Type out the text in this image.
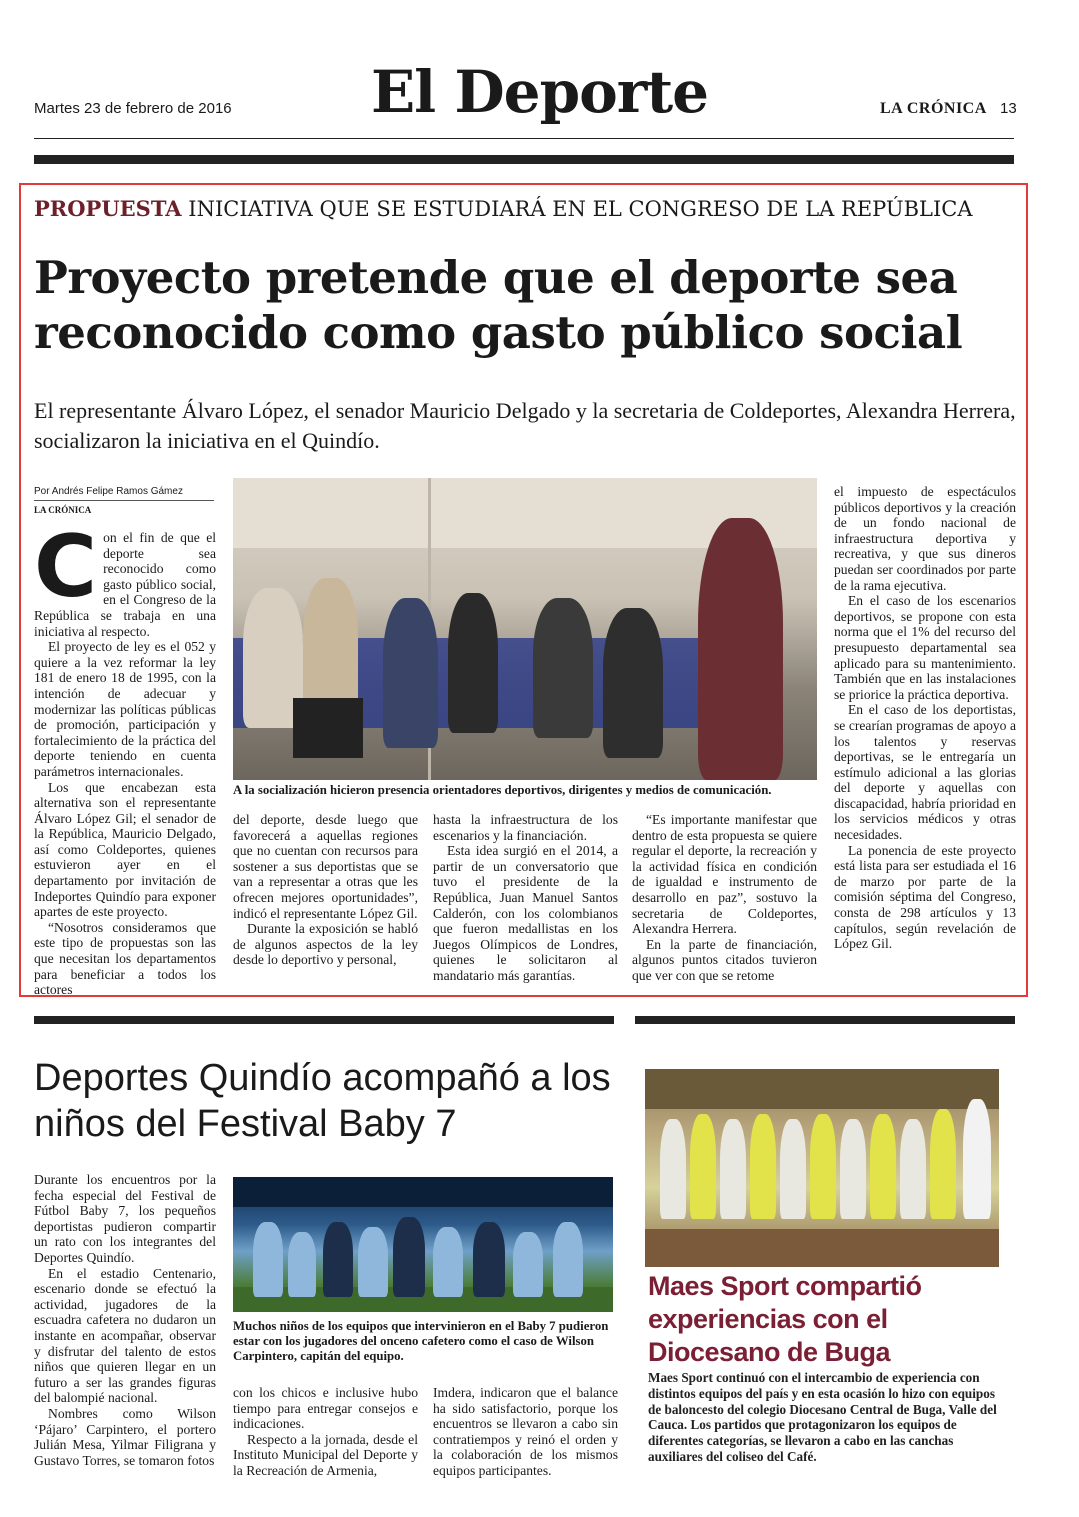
Martes 23 de febrero de 2016	El Deporte	LA CRÓNICA 13
PROPUESTA INICIATIVA QUE SE ESTUDIARÁ EN EL CONGRESO DE LA REPÚBLICA
Proyecto pretende que el deporte sea reconocido como gasto público social
El representante Álvaro López, el senador Mauricio Delgado y la secretaria de Coldeportes, Alexandra Herrera, socializaron la iniciativa en el Quindío.
Por Andrés Felipe Ramos Gámez
LA CRÓNICA

Con el fin de que el deporte sea reconocido como gasto público social, en el Congreso de la República se trabaja en una iniciativa al respecto.

El proyecto de ley es el 052 y quiere a la vez reformar la ley 181 de enero 18 de 1995, con la intención de adecuar y modernizar las políticas públicas de promoción, participación y fortalecimiento de la práctica del deporte teniendo en cuenta parámetros internacionales.

Los que encabezan esta alternativa son el representante Álvaro López Gil; el senador de la República, Mauricio Delgado, así como Coldeportes, quienes estuvieron ayer en el departamento por invitación de Indeportes Quindío para exponer apartes de este proyecto.

“Nosotros consideramos que este tipo de propuestas son las que necesitan los departamentos para beneficiar a todos los actores

A la socialización hicieron presencia orientadores deportivos, dirigentes y medios de comunicación.

del deporte, desde luego que favorecerá a aquellas regiones que no cuentan con recursos para sostener a sus deportistas que se van a representar a otras que les ofrecen mejores oportunidades”, indicó el representante López Gil.

Durante la exposición se habló de algunos aspectos de la ley desde lo deportivo y personal,

hasta la infraestructura de los escenarios y la financiación.

Esta idea surgió en el 2014, a partir de un conversatorio que tuvo el presidente de la República, Juan Manuel Santos Calderón, con los colombianos que fueron medallistas en los Juegos Olímpicos de Londres, quienes le solicitaron al mandatario más garantías.

“Es importante manifestar que dentro de esta propuesta se quiere regular el deporte, la recreación y la actividad física en condición de igualdad e instrumento de desarrollo en paz”, sostuvo la secretaria de Coldeportes, Alexandra Herrera.

En la parte de financiación, algunos puntos citados tuvieron que ver con que se retome

el impuesto de espectáculos públicos deportivos y la creación de un fondo nacional de infraestructura deportiva y recreativa, y que sus dineros puedan ser coordinados por parte de la rama ejecutiva.

En el caso de los escenarios deportivos, se propone con esta norma que el 1% del recurso del presupuesto departamental sea aplicado para su mantenimiento. También que en las instalaciones se priorice la práctica deportiva.

En el caso de los deportistas, se crearían programas de apoyo a los talentos y reservas deportivas, se le entregaría un estímulo adicional a las glorias del deporte y aquellas con discapacidad, habría prioridad en los servicios médicos y otras necesidades.

La ponencia de este proyecto está lista para ser estudiada el 16 de marzo por parte de la comisión séptima del Congreso, consta de 298 artículos y 13 capítulos, según revelación de López Gil.

Deportes Quindío acompañó a los niños del Festival Baby 7

Durante los encuentros por la fecha especial del Festival de Fútbol Baby 7, los pequeños deportistas pudieron compartir un rato con los integrantes del Deportes Quindío.

En el estadio Centenario, escenario donde se efectuó la actividad, jugadores de la escuadra cafetera no dudaron un instante en acompañar, observar y disfrutar del talento de estos niños que quieren llegar en un futuro a ser las grandes figuras del balompié nacional.

Nombres como Wilson ‘Pájaro’ Carpintero, el portero Julián Mesa, Yilmar Filigrana y Gustavo Torres, se tomaron fotos

Muchos niños de los equipos que intervinieron en el Baby 7 pudieron estar con los jugadores del onceno cafetero como el caso de Wilson Carpintero, capitán del equipo.

con los chicos e inclusive hubo tiempo para entregar consejos e indicaciones.

Respecto a la jornada, desde el Instituto Municipal del Deporte y la Recreación de Armenia,

Imdera, indicaron que el balance ha sido satisfactorio, porque los encuentros se llevaron a cabo sin contratiempos y reinó el orden y la colaboración de los mismos equipos participantes.

Maes Sport compartió experiencias con el Diocesano de Buga
Maes Sport continuó con el intercambio de experiencia con distintos equipos del país y en esta ocasión lo hizo con equipos de baloncesto del colegio Diocesano Central de Buga, Valle del Cauca. Los partidos que protagonizaron los equipos de diferentes categorías, se llevaron a cabo en las canchas auxiliares del coliseo del Café.
